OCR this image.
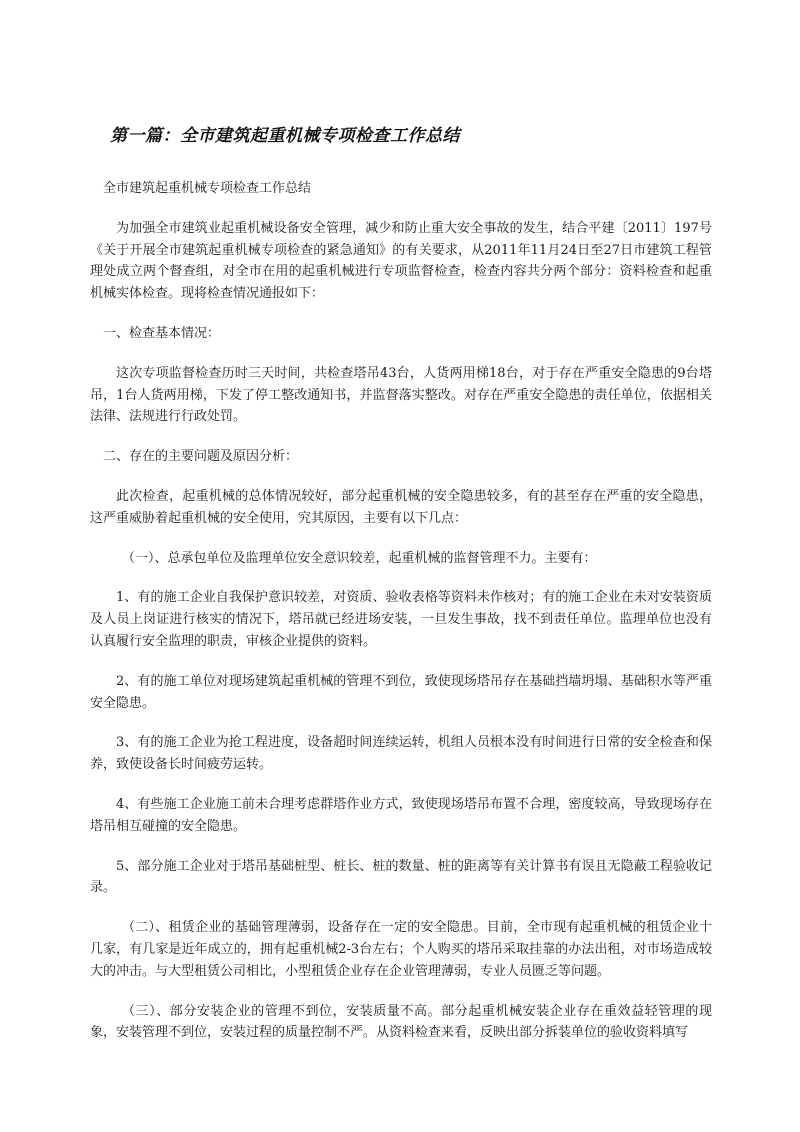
第一篇：全市建筑起重机械专项检查工作总结

全市建筑起重机械专项检查工作总结

为加强全市建筑业起重机械设备安全管理，减少和防止重大安全事故的发生，结合平建〔2011〕197号《关于开展全市建筑起重机械专项检查的紧急通知》的有关要求，从2011年11月24日至27日市建筑工程管理处成立两个督查组，对全市在用的起重机械进行专项监督检查，检查内容共分两个部分：资料检查和起重机械实体检查。现将检查情况通报如下：

一、检查基本情况：

这次专项监督检查历时三天时间，共检查塔吊43台，人货两用梯18台，对于存在严重安全隐患的9台塔吊，1台人货两用梯，下发了停工整改通知书，并监督落实整改。对存在严重安全隐患的责任单位，依据相关法律、法规进行行政处罚。

二、存在的主要问题及原因分析：

此次检查，起重机械的总体情况较好，部分起重机械的安全隐患较多，有的甚至存在严重的安全隐患，这严重威胁着起重机械的安全使用，究其原因，主要有以下几点：

（一）、总承包单位及监理单位安全意识较差，起重机械的监督管理不力。主要有：

1、有的施工企业自我保护意识较差，对资质、验收表格等资料未作核对；有的施工企业在未对安装资质及人员上岗证进行核实的情况下，塔吊就已经进场安装，一旦发生事故，找不到责任单位。监理单位也没有认真履行安全监理的职责，审核企业提供的资料。

2、有的施工单位对现场建筑起重机械的管理不到位，致使现场塔吊存在基础挡墙坍塌、基础积水等严重安全隐患。

3、有的施工企业为抢工程进度，设备超时间连续运转，机组人员根本没有时间进行日常的安全检查和保养，致使设备长时间疲劳运转。

4、有些施工企业施工前未合理考虑群塔作业方式，致使现场塔吊布置不合理，密度较高，导致现场存在塔吊相互碰撞的安全隐患。

5、部分施工企业对于塔吊基础桩型、桩长、桩的数量、桩的距离等有关计算书有误且无隐蔽工程验收记录。

（二）、租赁企业的基础管理薄弱，设备存在一定的安全隐患。目前，全市现有起重机械的租赁企业十几家，有几家是近年成立的，拥有起重机械2-3台左右；个人购买的塔吊采取挂靠的办法出租，对市场造成较大的冲击。与大型租赁公司相比，小型租赁企业存在企业管理薄弱，专业人员匮乏等问题。

（三）、部分安装企业的管理不到位，安装质量不高。部分起重机械安装企业存在重效益轻管理的现象，安装管理不到位，安装过程的质量控制不严。从资料检查来看，反映出部分拆装单位的验收资料填写
